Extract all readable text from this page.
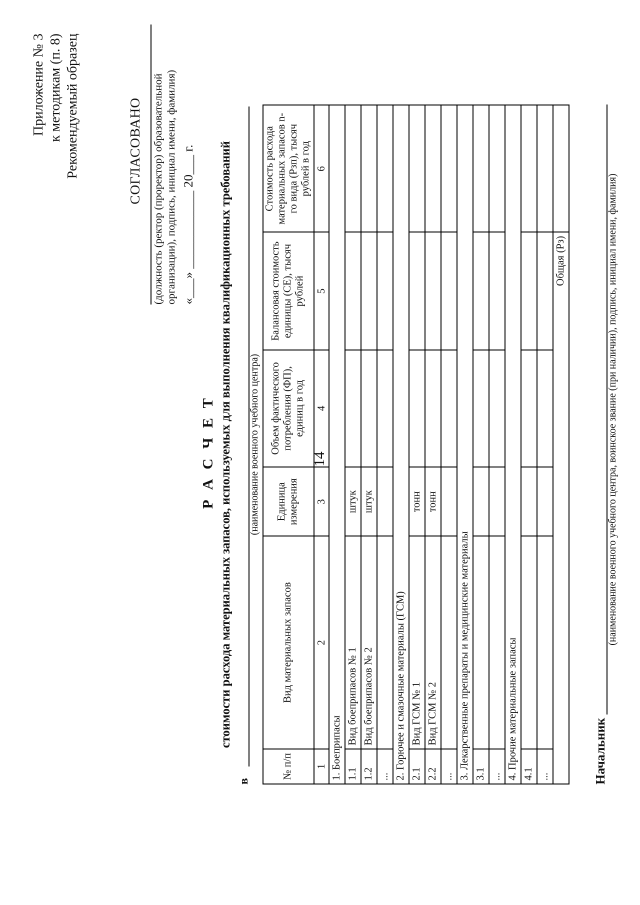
14
Приложение № 3 к методикам (п. 8) Рекомендуемый образец	СОГЛАСОВАНО (должность (ректор (проректор) образовательной организации), подпись, инициал имени, фамилия) «___» ____________ 20___ г.
Р А С Ч Е Т стоимости расхода материальных запасов, используемых для выполнения квалификационных требований
в
(наименование военного учебного центра)
№ п/п	Вид материальных запасов	Единица измерения	Объем фактического потребления (ФП), единиц в год	Балансовая стоимость единицы (СЕ), тысяч рублей	Стоимость расхода материальных запасов n-го вида (Рзп), тысяч рублей в год
1	2	3	4	5	6
1. Боеприпасы					
1.1	Вид боеприпасов № 1	штук			
1.2	Вид боеприпасов № 2	штук			
...					
2. Горючее и смазочные материалы (ГСМ)					
2.1	Вид ГСМ № 1	тонн			
2.2	Вид ГСМ № 2	тонн			
...					
3. Лекарственные препараты и медицинские материалы					
3.1					
...					
4. Прочие материальные запасы					
4.1					
...					
Общая (Рз)					
Начальник
(наименование военного учебного центра, воинское звание (при наличии), подпись, инициал имени, фамилия)
